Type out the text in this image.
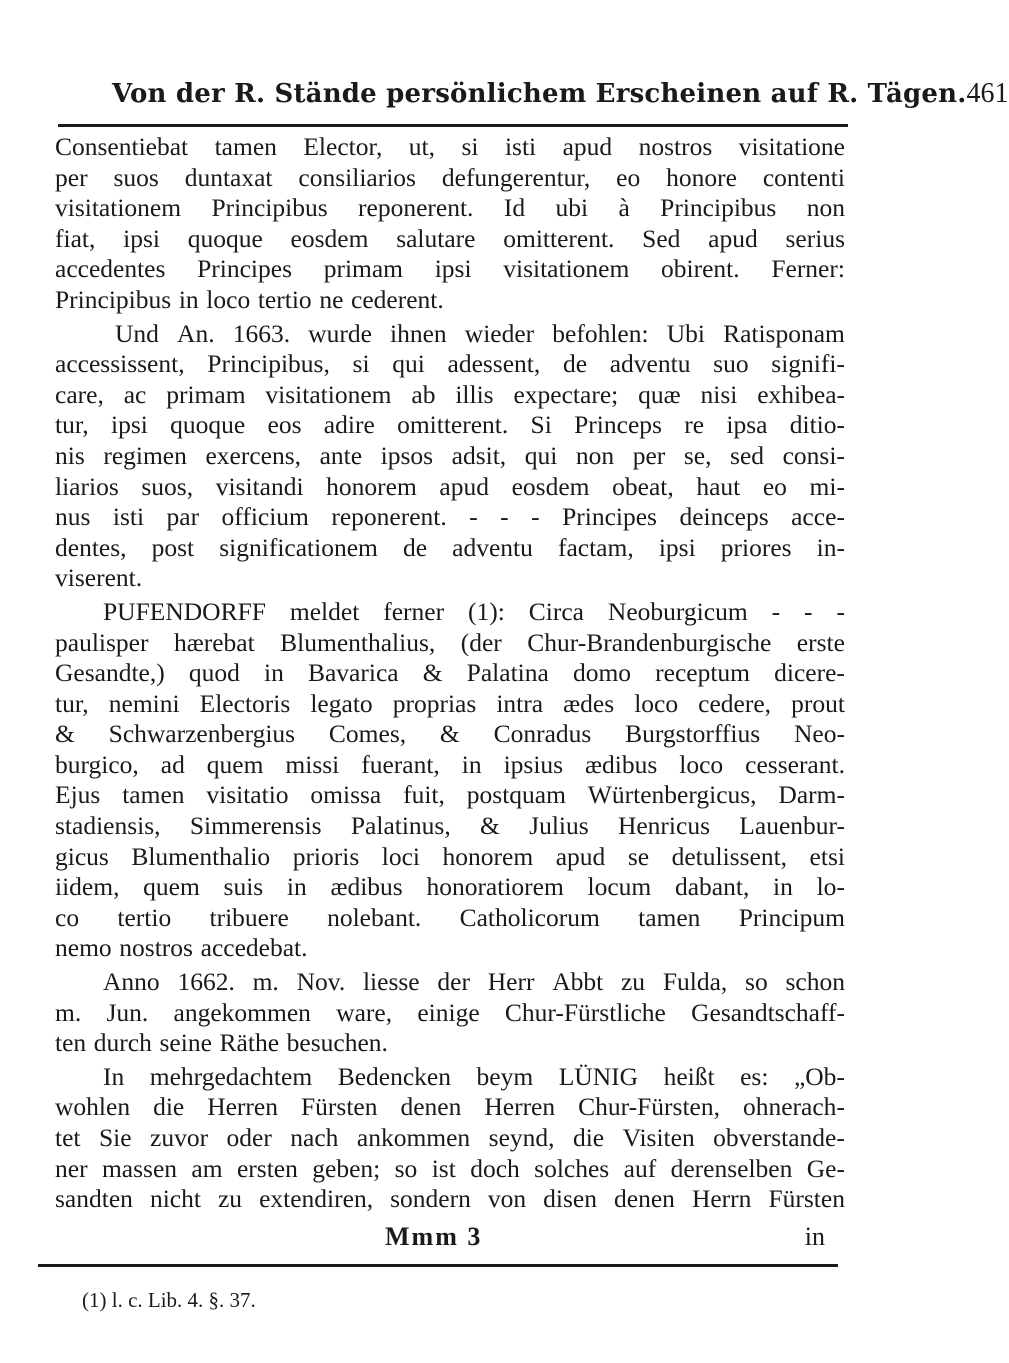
Von der R. Stände persönlichem Erscheinen auf R. Tägen. 461
Consentiebat tamen Elector, ut, si isti apud nostros visitatione
per suos duntaxat consiliarios defungerentur, eo honore contenti
visitationem Principibus reponerent. Id ubi à Principibus non
fiat, ipsi quoque eosdem salutare omitterent. Sed apud serius
accedentes Principes primam ipsi visitationem obirent. Ferner:
Principibus in loco tertio ne cederent.
Und An. 1663. wurde ihnen wieder befohlen: Ubi Ratisponam
accessissent, Principibus, si qui adessent, de adventu suo signifi-
care, ac primam visitationem ab illis expectare; quæ nisi exhibea-
tur, ipsi quoque eos adire omitterent. Si Princeps re ipsa ditio-
nis regimen exercens, ante ipsos adsit, qui non per se, sed consi-
liarios suos, visitandi honorem apud eosdem obeat, haut eo mi-
nus isti par officium reponerent. - - - Principes deinceps acce-
dentes, post significationem de adventu factam, ipsi priores in-
viserent.
PUFENDORFF meldet ferner (1): Circa Neoburgicum - - -
paulisper hærebat Blumenthalius, (der Chur-Brandenburgische erste
Gesandte,) quod in Bavarica & Palatina domo receptum dicere-
tur, nemini Electoris legato proprias intra ædes loco cedere, prout
& Schwarzenbergius Comes, & Conradus Burgstorffius Neo-
burgico, ad quem missi fuerant, in ipsius ædibus loco cesserant.
Ejus tamen visitatio omissa fuit, postquam Würtenbergicus, Darm-
stadiensis, Simmerensis Palatinus, & Julius Henricus Lauenbur-
gicus Blumenthalio prioris loci honorem apud se detulissent, etsi
iidem, quem suis in ædibus honoratiorem locum dabant, in lo-
co tertio tribuere nolebant. Catholicorum tamen Principum
nemo nostros accedebat.
Anno 1662. m. Nov. liesse der Herr Abbt zu Fulda, so schon
m. Jun. angekommen ware, einige Chur-Fürstliche Gesandtschaff-
ten durch seine Räthe besuchen.
In mehrgedachtem Bedencken beym LÜNIG heißt es: „Ob-
wohlen die Herren Fürsten denen Herren Chur-Fürsten, ohnerach-
tet Sie zuvor oder nach ankommen seynd, die Visiten obverstande-
ner massen am ersten geben; so ist doch solches auf derenselben Ge-
sandten nicht zu extendiren, sondern von disen denen Herrn Fürsten
Mmm 3	in
(1) l. c. Lib. 4. §. 37.
